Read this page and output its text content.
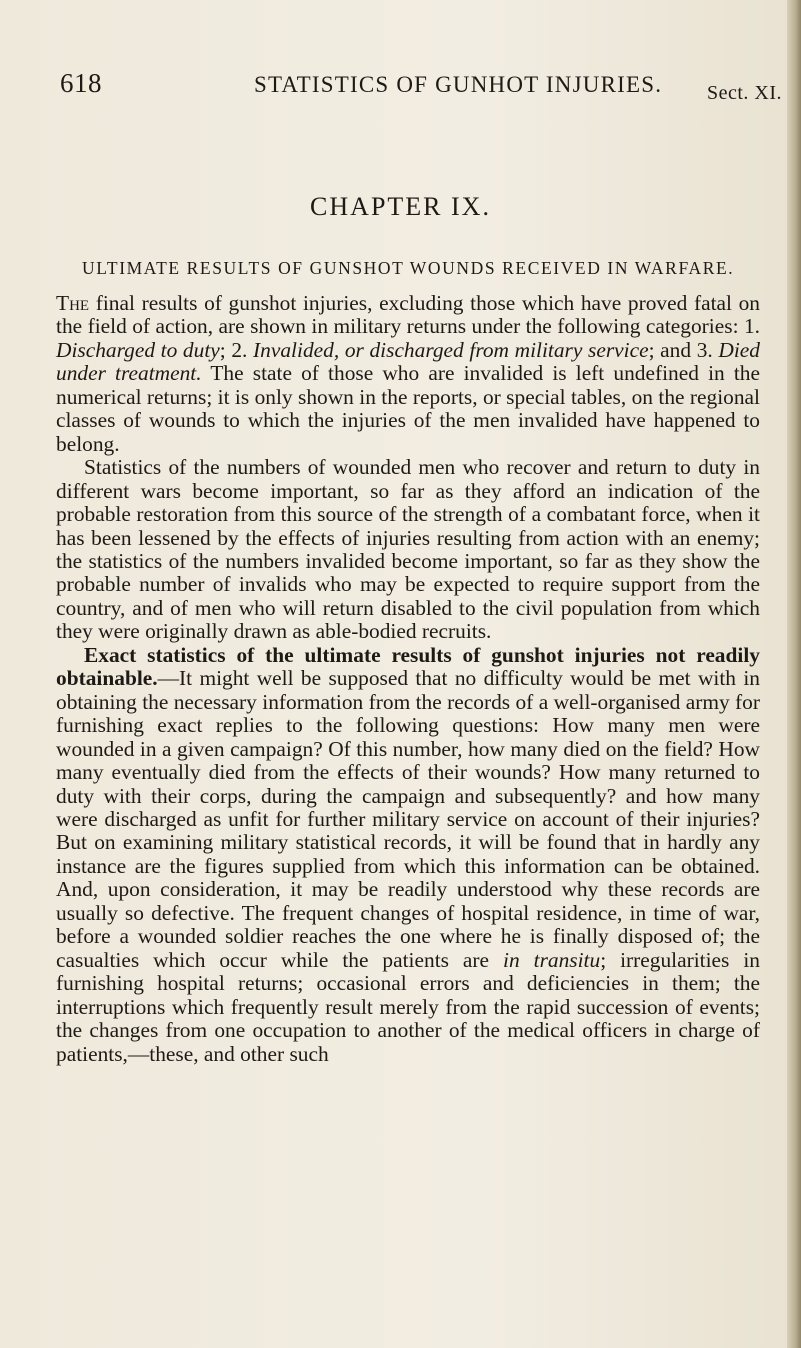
618	STATISTICS OF GUNHOT INJURIES. Sect. XI.
CHAPTER IX.
ULTIMATE RESULTS OF GUNSHOT WOUNDS RECEIVED IN WARFARE.

The final results of gunshot injuries, excluding those which have proved fatal on the field of action, are shown in military returns under the following categories: 1. Discharged to duty; 2. Invalided, or discharged from military service; and 3. Died under treatment. The state of those who are invalided is left undefined in the numerical returns; it is only shown in the reports, or special tables, on the regional classes of wounds to which the injuries of the men invalided have happened to belong.

Statistics of the numbers of wounded men who recover and return to duty in different wars become important, so far as they afford an indication of the probable restoration from this source of the strength of a combatant force, when it has been lessened by the effects of injuries resulting from action with an enemy; the statistics of the numbers invalided become important, so far as they show the probable number of invalids who may be expected to require support from the country, and of men who will return disabled to the civil population from which they were originally drawn as able-bodied recruits.

Exact statistics of the ultimate results of gunshot injuries not readily obtainable.—It might well be supposed that no difficulty would be met with in obtaining the necessary information from the records of a well-organised army for furnishing exact replies to the following questions: How many men were wounded in a given campaign? Of this number, how many died on the field? How many eventually died from the effects of their wounds? How many returned to duty with their corps, during the campaign and subsequently? and how many were discharged as unfit for further military service on account of their injuries? But on examining military statistical records, it will be found that in hardly any instance are the figures supplied from which this information can be obtained. And, upon consideration, it may be readily understood why these records are usually so defective. The frequent changes of hospital residence, in time of war, before a wounded soldier reaches the one where he is finally disposed of; the casualties which occur while the patients are in transitu; irregularities in furnishing hospital returns; occasional errors and deficiencies in them; the interruptions which frequently result merely from the rapid succession of events; the changes from one occupation to another of the medical officers in charge of patients,—these, and other such
